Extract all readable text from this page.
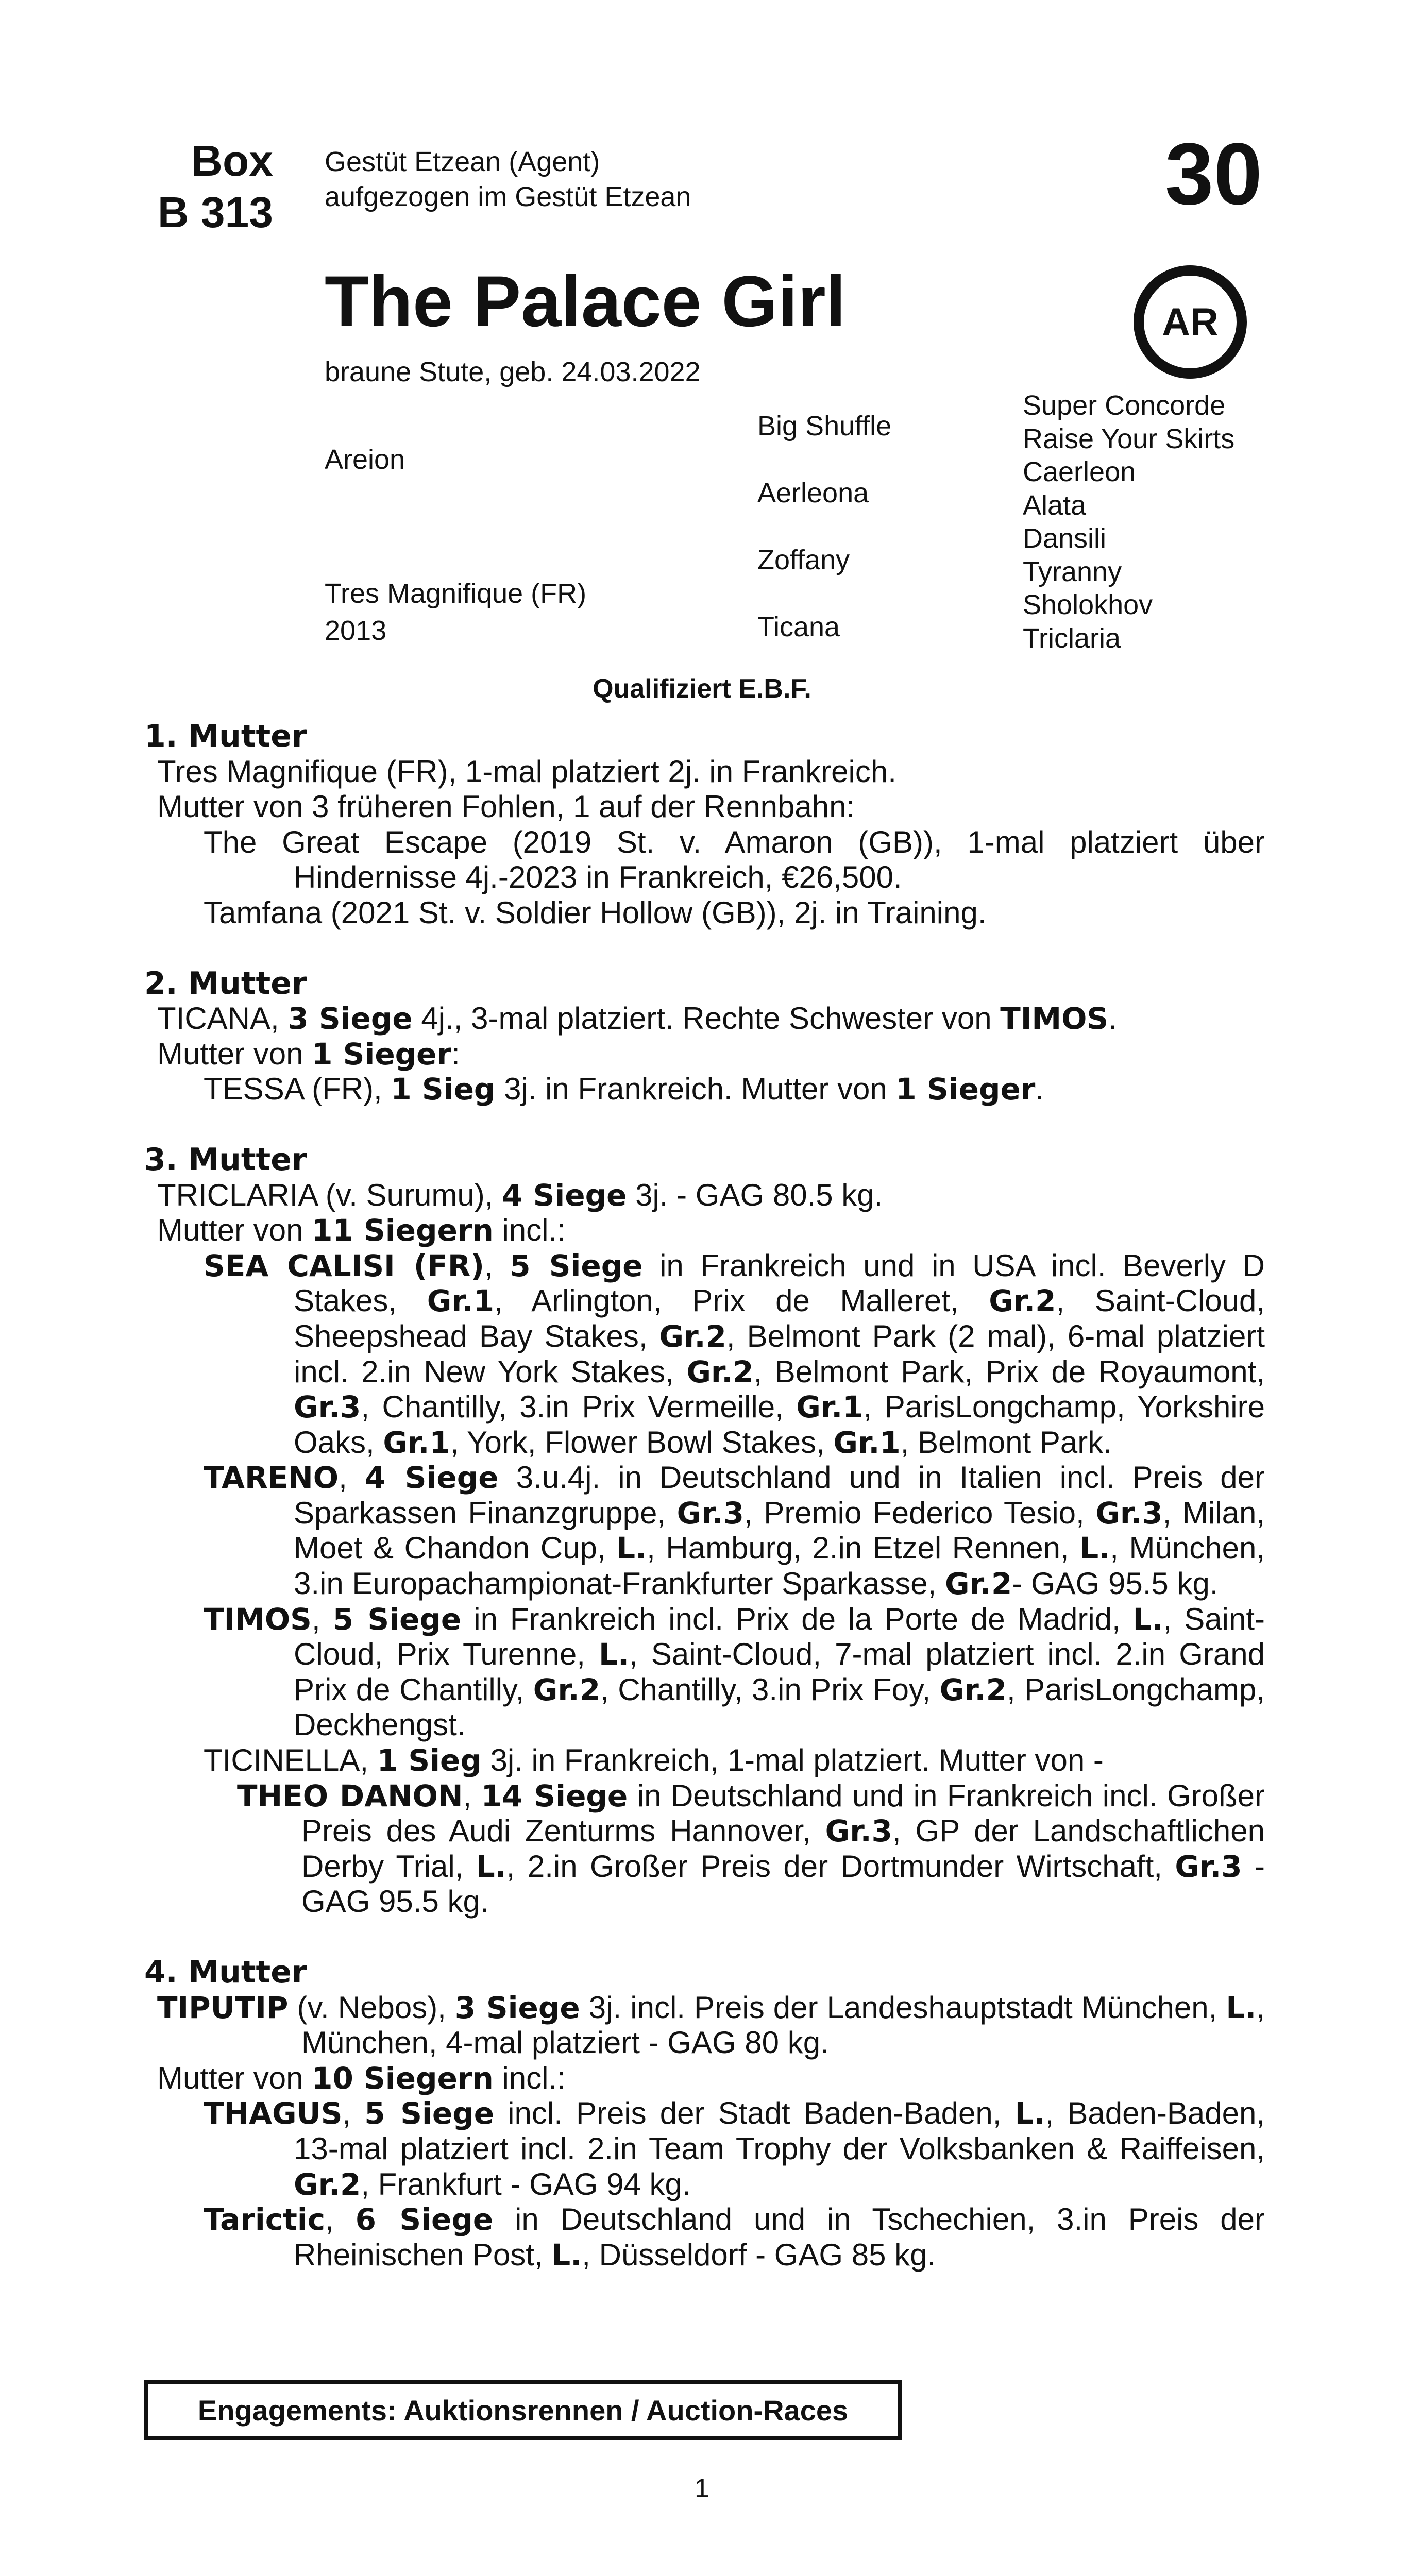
Box
B 313
Gestüt Etzean (Agent)
aufgezogen im Gestüt Etzean	30
The Palace Girl	AR
braune Stute, geb. 24.03.2022
Areion
Tres Magnifique (FR)
2013
Big Shuffle
Aerleona
Zoffany
Ticana
Super Concorde
Raise Your Skirts
Caerleon
Alata
Dansili
Tyranny
Sholokhov
Triclaria
Qualifiziert E.B.F.
1. Mutter
Tres Magnifique (FR), 1-mal platziert 2j. in Frankreich.
Mutter von 3 früheren Fohlen, 1 auf der Rennbahn:
The Great Escape (2019 St. v. Amaron (GB)), 1-mal platziert über Hindernisse 4j.-2023 in Frankreich, €26,500.
Tamfana (2021 St. v. Soldier Hollow (GB)), 2j. in Training.
2. Mutter
TICANA, 3 Siege 4j., 3-mal platziert. Rechte Schwester von TIMOS.
Mutter von 1 Sieger:
TESSA (FR), 1 Sieg 3j. in Frankreich. Mutter von 1 Sieger.
3. Mutter
TRICLARIA (v. Surumu), 4 Siege 3j. - GAG 80.5 kg.
Mutter von 11 Siegern incl.:
SEA CALISI (FR), 5 Siege in Frankreich und in USA incl. Beverly D Stakes, Gr.1, Arlington, Prix de Malleret, Gr.2, Saint-Cloud, Sheepshead Bay Stakes, Gr.2, Belmont Park (2 mal), 6-mal platziert incl. 2.in New York Stakes, Gr.2, Belmont Park, Prix de Royaumont, Gr.3, Chantilly, 3.in Prix Vermeille, Gr.1, ParisLongchamp, Yorkshire Oaks, Gr.1, York, Flower Bowl Stakes, Gr.1, Belmont Park.
TARENO, 4 Siege 3.u.4j. in Deutschland und in Italien incl. Preis der Sparkassen Finanzgruppe, Gr.3, Premio Federico Tesio, Gr.3, Milan, Moet & Chandon Cup, L., Hamburg, 2.in Etzel Rennen, L., München, 3.in Europachampionat-Frankfurter Sparkasse, Gr.2- GAG 95.5 kg.
TIMOS, 5 Siege in Frankreich incl. Prix de la Porte de Madrid, L., Saint-Cloud, Prix Turenne, L., Saint-Cloud, 7-mal platziert incl. 2.in Grand Prix de Chantilly, Gr.2, Chantilly, 3.in Prix Foy, Gr.2, ParisLongchamp, Deckhengst.
TICINELLA, 1 Sieg 3j. in Frankreich, 1-mal platziert. Mutter von -
THEO DANON, 14 Siege in Deutschland und in Frankreich incl. Großer Preis des Audi Zenturms Hannover, Gr.3, GP der Landschaftlichen Derby Trial, L., 2.in Großer Preis der Dortmunder Wirtschaft, Gr.3 - GAG 95.5 kg.
4. Mutter
TIPUTIP (v. Nebos), 3 Siege 3j. incl. Preis der Landeshauptstadt München, L., München, 4-mal platziert - GAG 80 kg.
Mutter von 10 Siegern incl.:
THAGUS, 5 Siege incl. Preis der Stadt Baden-Baden, L., Baden-Baden, 13-mal platziert incl. 2.in Team Trophy der Volksbanken & Raiffeisen, Gr.2, Frankfurt - GAG 94 kg.
Tarictic, 6 Siege in Deutschland und in Tschechien, 3.in Preis der Rheinischen Post, L., Düsseldorf - GAG 85 kg.
Engagements: Auktionsrennen / Auction-Races
1
